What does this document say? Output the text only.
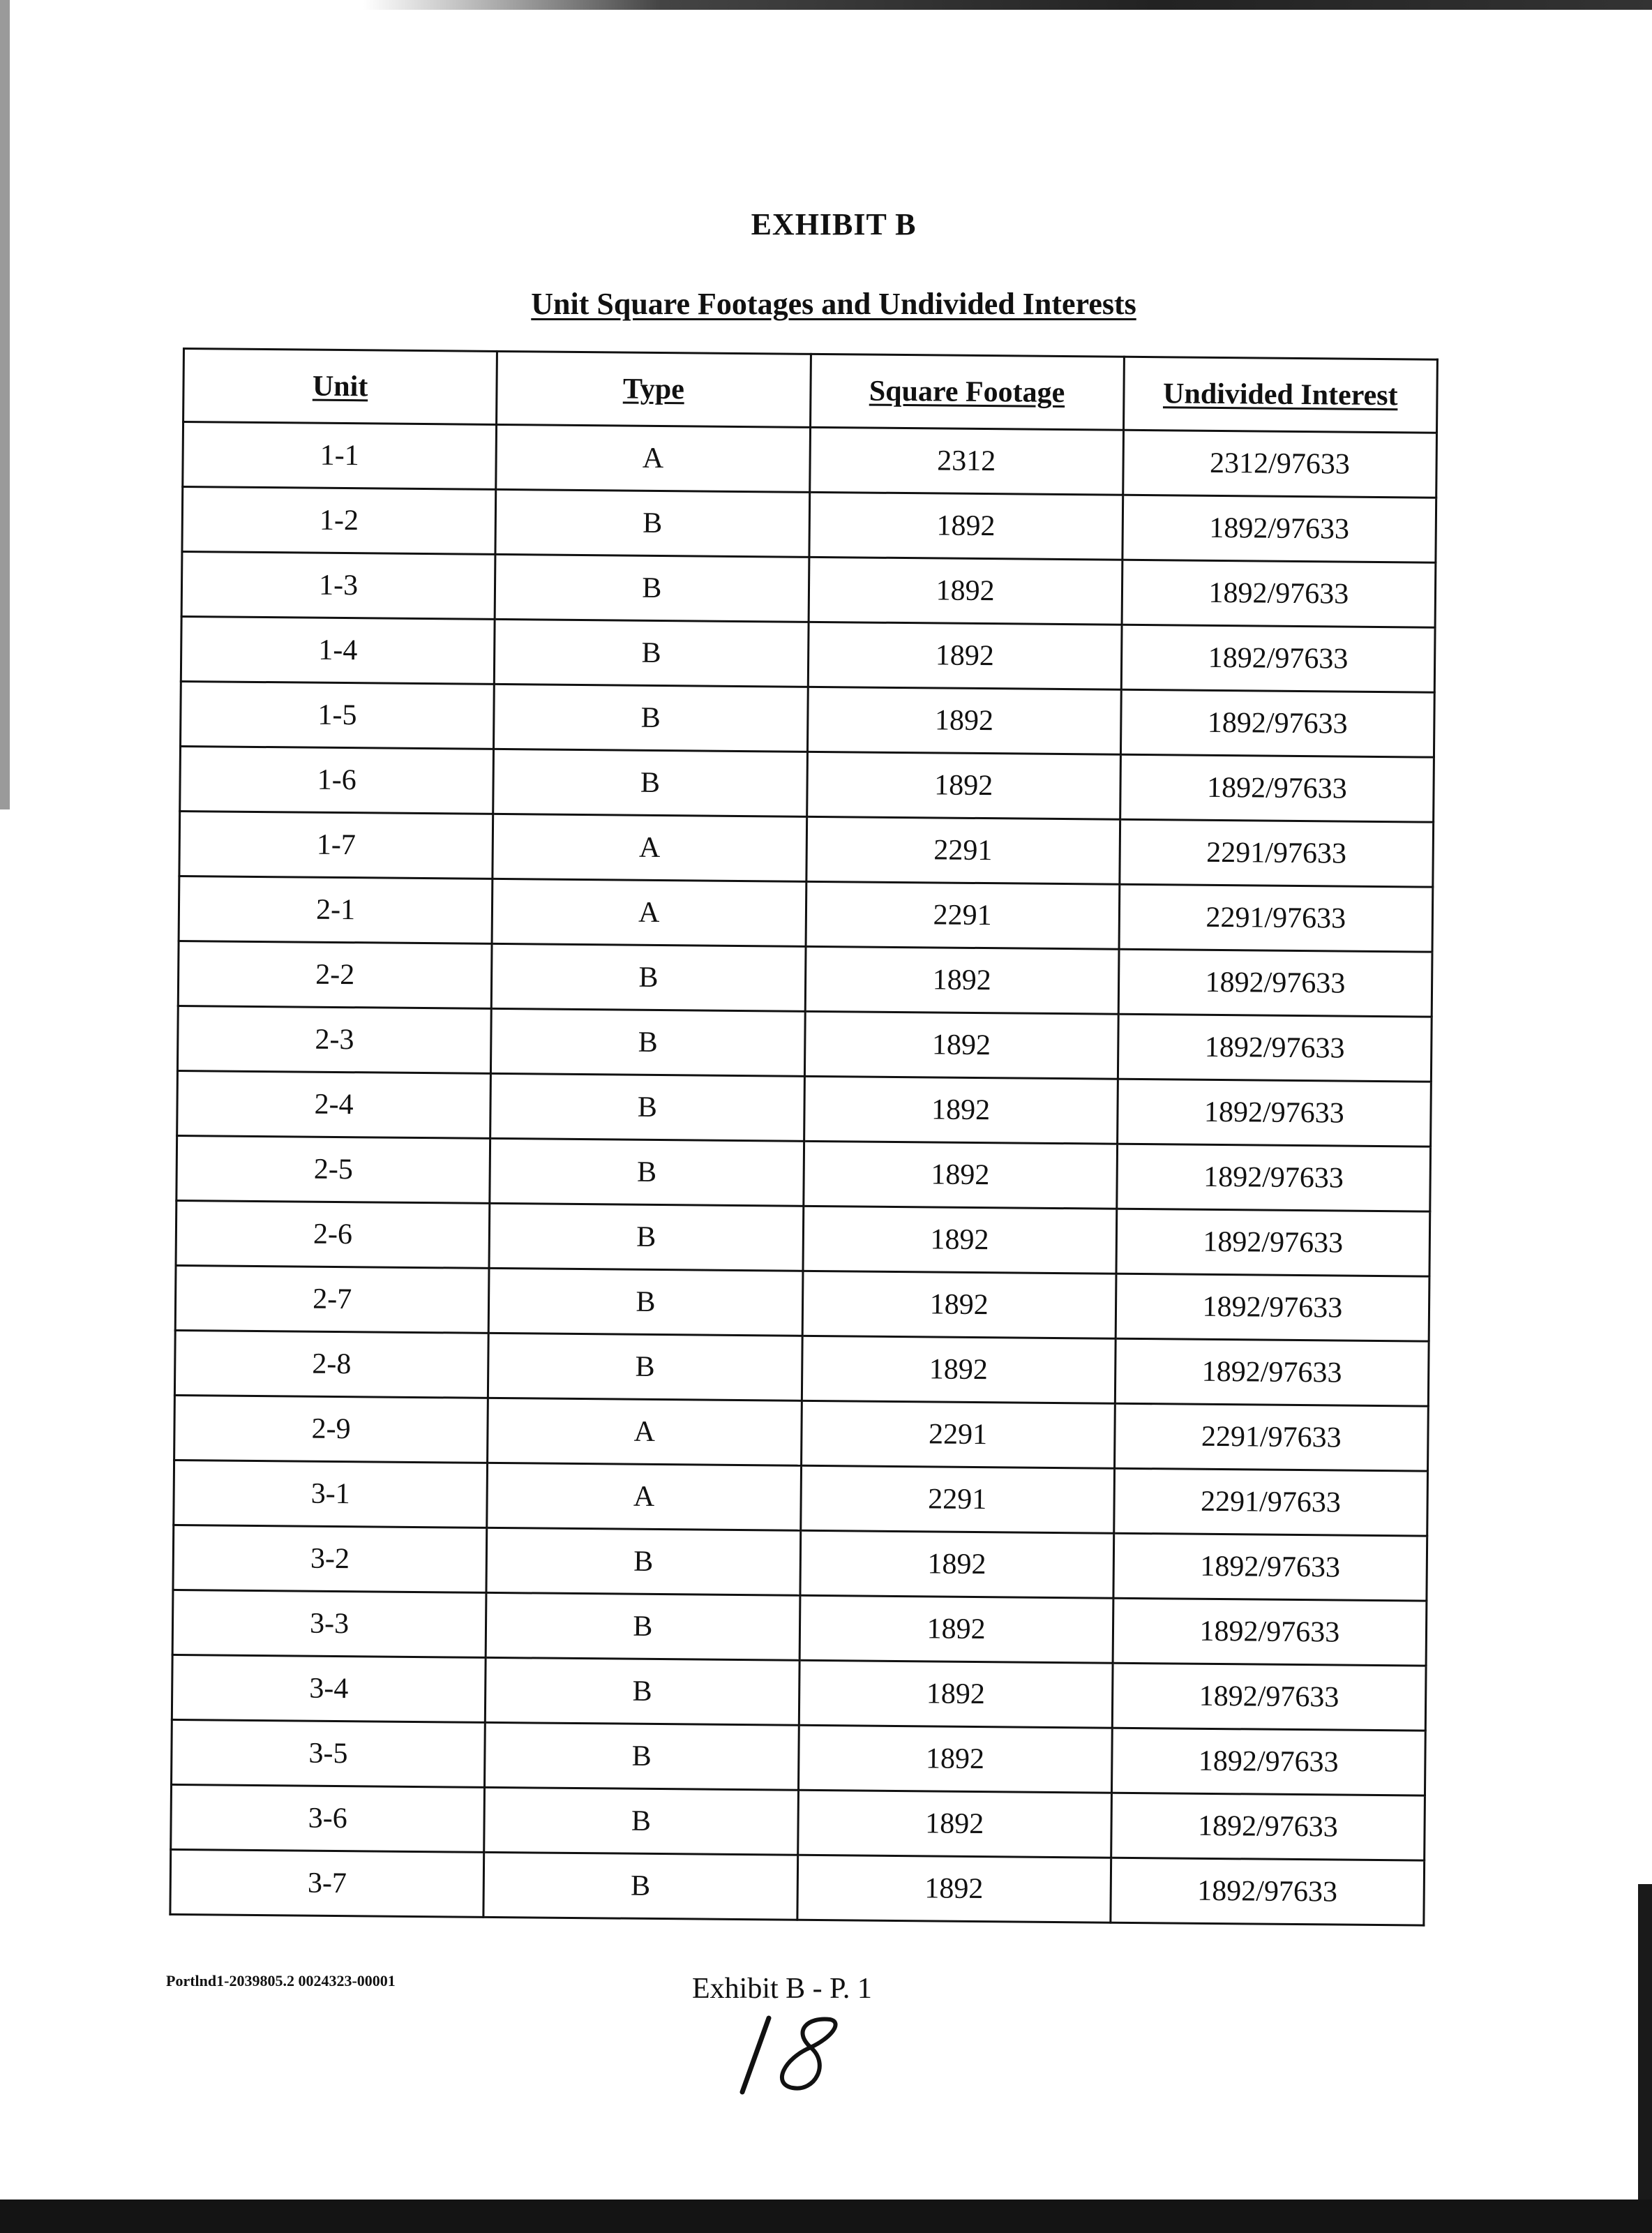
EXHIBIT B
Unit Square Footages and Undivided Interests
Unit	Type	Square Footage	Undivided Interest
1-1	A	2312	2312/97633
1-2	B	1892	1892/97633
1-3	B	1892	1892/97633
1-4	B	1892	1892/97633
1-5	B	1892	1892/97633
1-6	B	1892	1892/97633
1-7	A	2291	2291/97633
2-1	A	2291	2291/97633
2-2	B	1892	1892/97633
2-3	B	1892	1892/97633
2-4	B	1892	1892/97633
2-5	B	1892	1892/97633
2-6	B	1892	1892/97633
2-7	B	1892	1892/97633
2-8	B	1892	1892/97633
2-9	A	2291	2291/97633
3-1	A	2291	2291/97633
3-2	B	1892	1892/97633
3-3	B	1892	1892/97633
3-4	B	1892	1892/97633
3-5	B	1892	1892/97633
3-6	B	1892	1892/97633
3-7	B	1892	1892/97633
Portlnd1-2039805.2 0024323-00001	Exhibit B - P. 1
